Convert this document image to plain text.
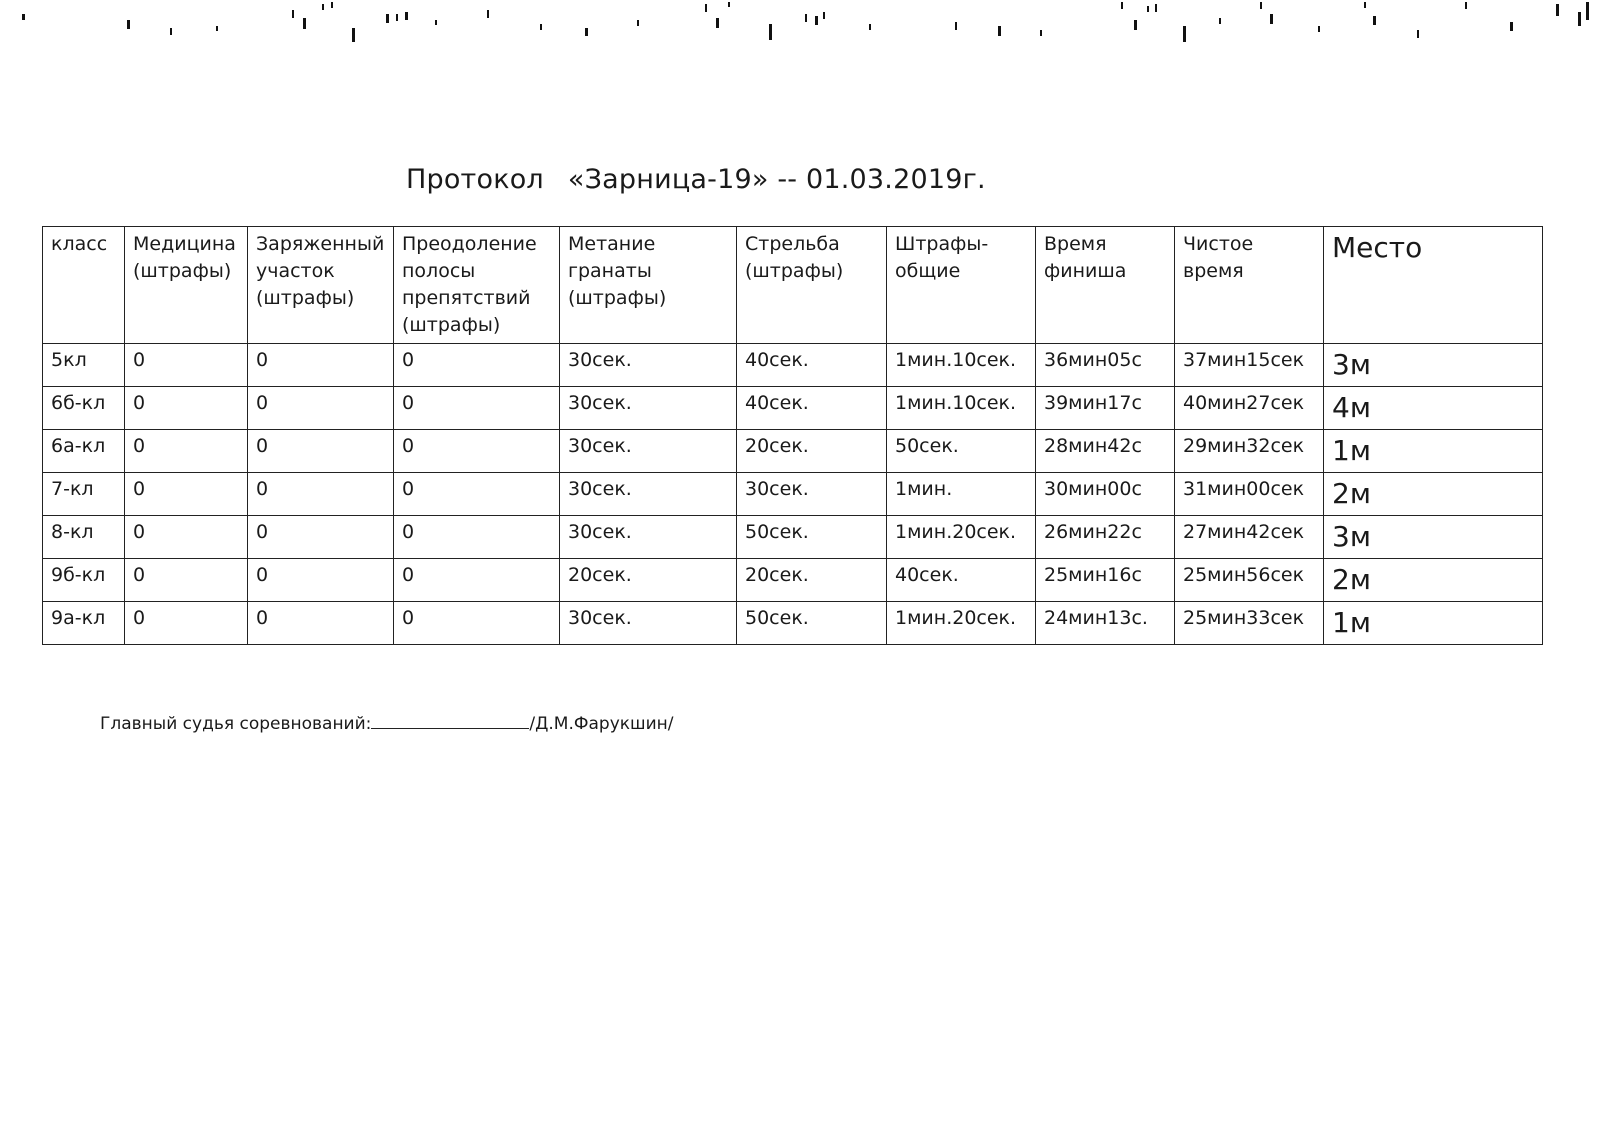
Протокол «Зарница-19» -- 01.03.2019г.
класс	Медицина (штрафы)	Заряженный участок (штрафы)	Преодоление полосы препятствий (штрафы)	Метание гранаты (штрафы)	Стрельба (штрафы)	Штрафы-общие	Время финиша	Чистое время	Место
5кл	0	0	0	30сек.	40сек.	1мин.10сек.	36мин05с	37мин15сек	3м
6б-кл	0	0	0	30сек.	40сек.	1мин.10сек.	39мин17с	40мин27сек	4м
6а-кл	0	0	0	30сек.	20сек.	50сек.	28мин42с	29мин32сек	1м
7-кл	0	0	0	30сек.	30сек.	1мин.	30мин00с	31мин00сек	2м
8-кл	0	0	0	30сек.	50сек.	1мин.20сек.	26мин22с	27мин42сек	3м
9б-кл	0	0	0	20сек.	20сек.	40сек.	25мин16с	25мин56сек	2м
9а-кл	0	0	0	30сек.	50сек.	1мин.20сек.	24мин13с.	25мин33сек	1м
Главный судья соревнований:	/Д.М.Фарукшин/
